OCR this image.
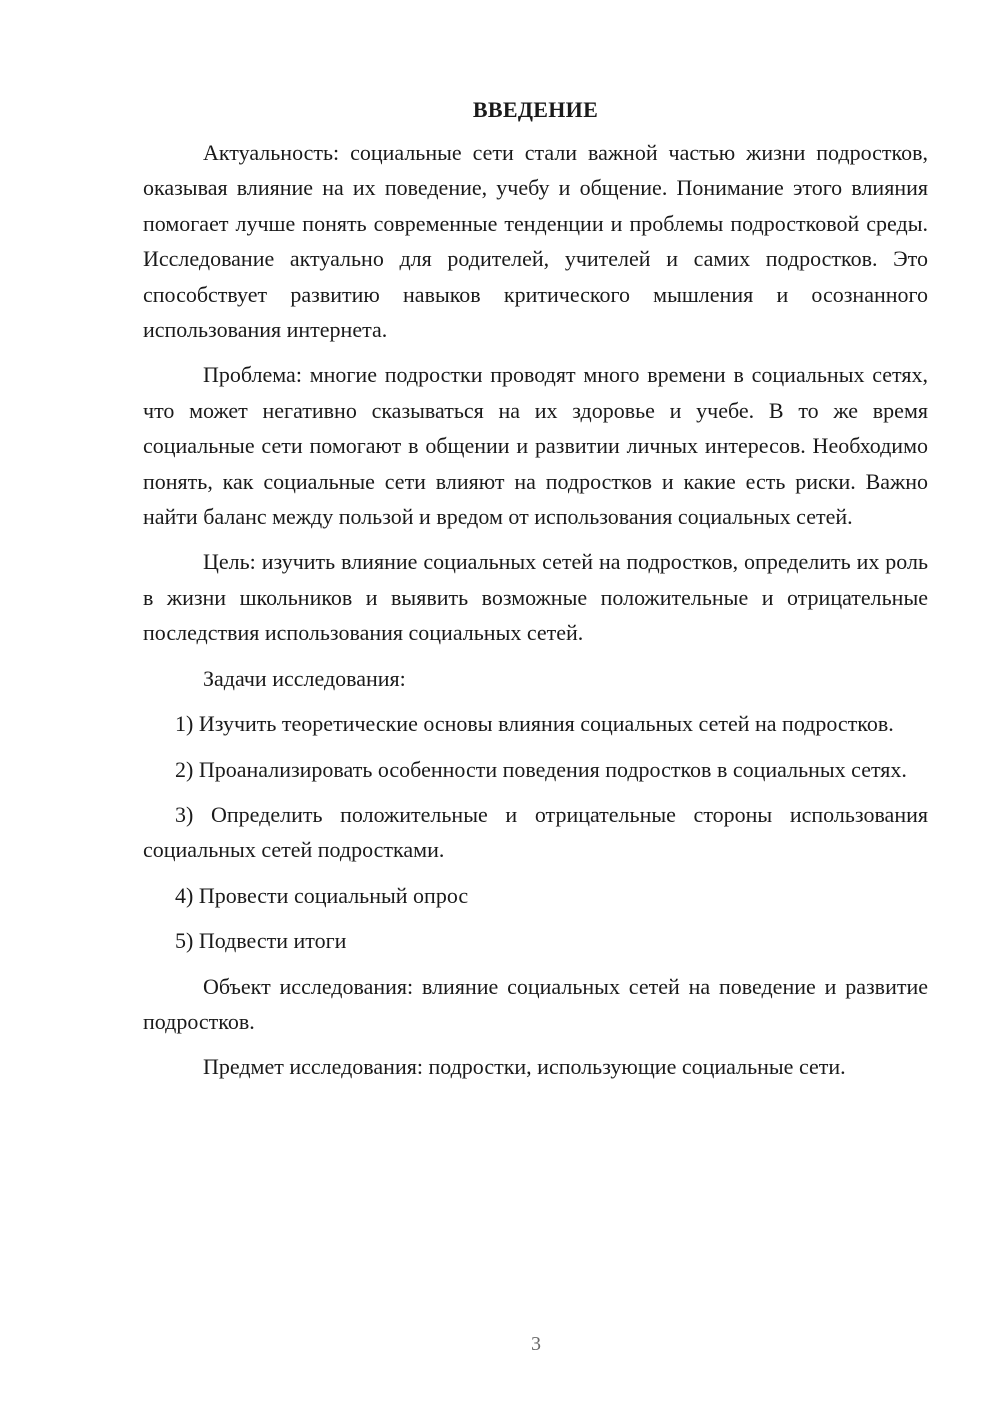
ВВЕДЕНИЕ

Актуальность: социальные сети стали важной частью жизни подростков, оказывая влияние на их поведение, учебу и общение. Понимание этого влияния помогает лучше понять современные тенденции и проблемы подростковой среды. Исследование актуально для родителей, учителей и самих подростков. Это способствует развитию навыков критического мышления и осознанного использования интернета.

Проблема: многие подростки проводят много времени в социальных сетях, что может негативно сказываться на их здоровье и учебе. В то же время социальные сети помогают в общении и развитии личных интересов. Необходимо понять, как социальные сети влияют на подростков и какие есть риски. Важно найти баланс между пользой и вредом от использования социальных сетей.

Цель: изучить влияние социальных сетей на подростков, определить их роль в жизни школьников и выявить возможные положительные и отрицательные последствия использования социальных сетей.

Задачи исследования:

1) Изучить теоретические основы влияния социальных сетей на подростков.

2) Проанализировать особенности поведения подростков в социальных сетях.

3) Определить положительные и отрицательные стороны использования социальных сетей подростками.

4) Провести социальный опрос

5) Подвести итоги

Объект исследования: влияние социальных сетей на поведение и развитие подростков.

Предмет исследования: подростки, использующие социальные сети.

3
